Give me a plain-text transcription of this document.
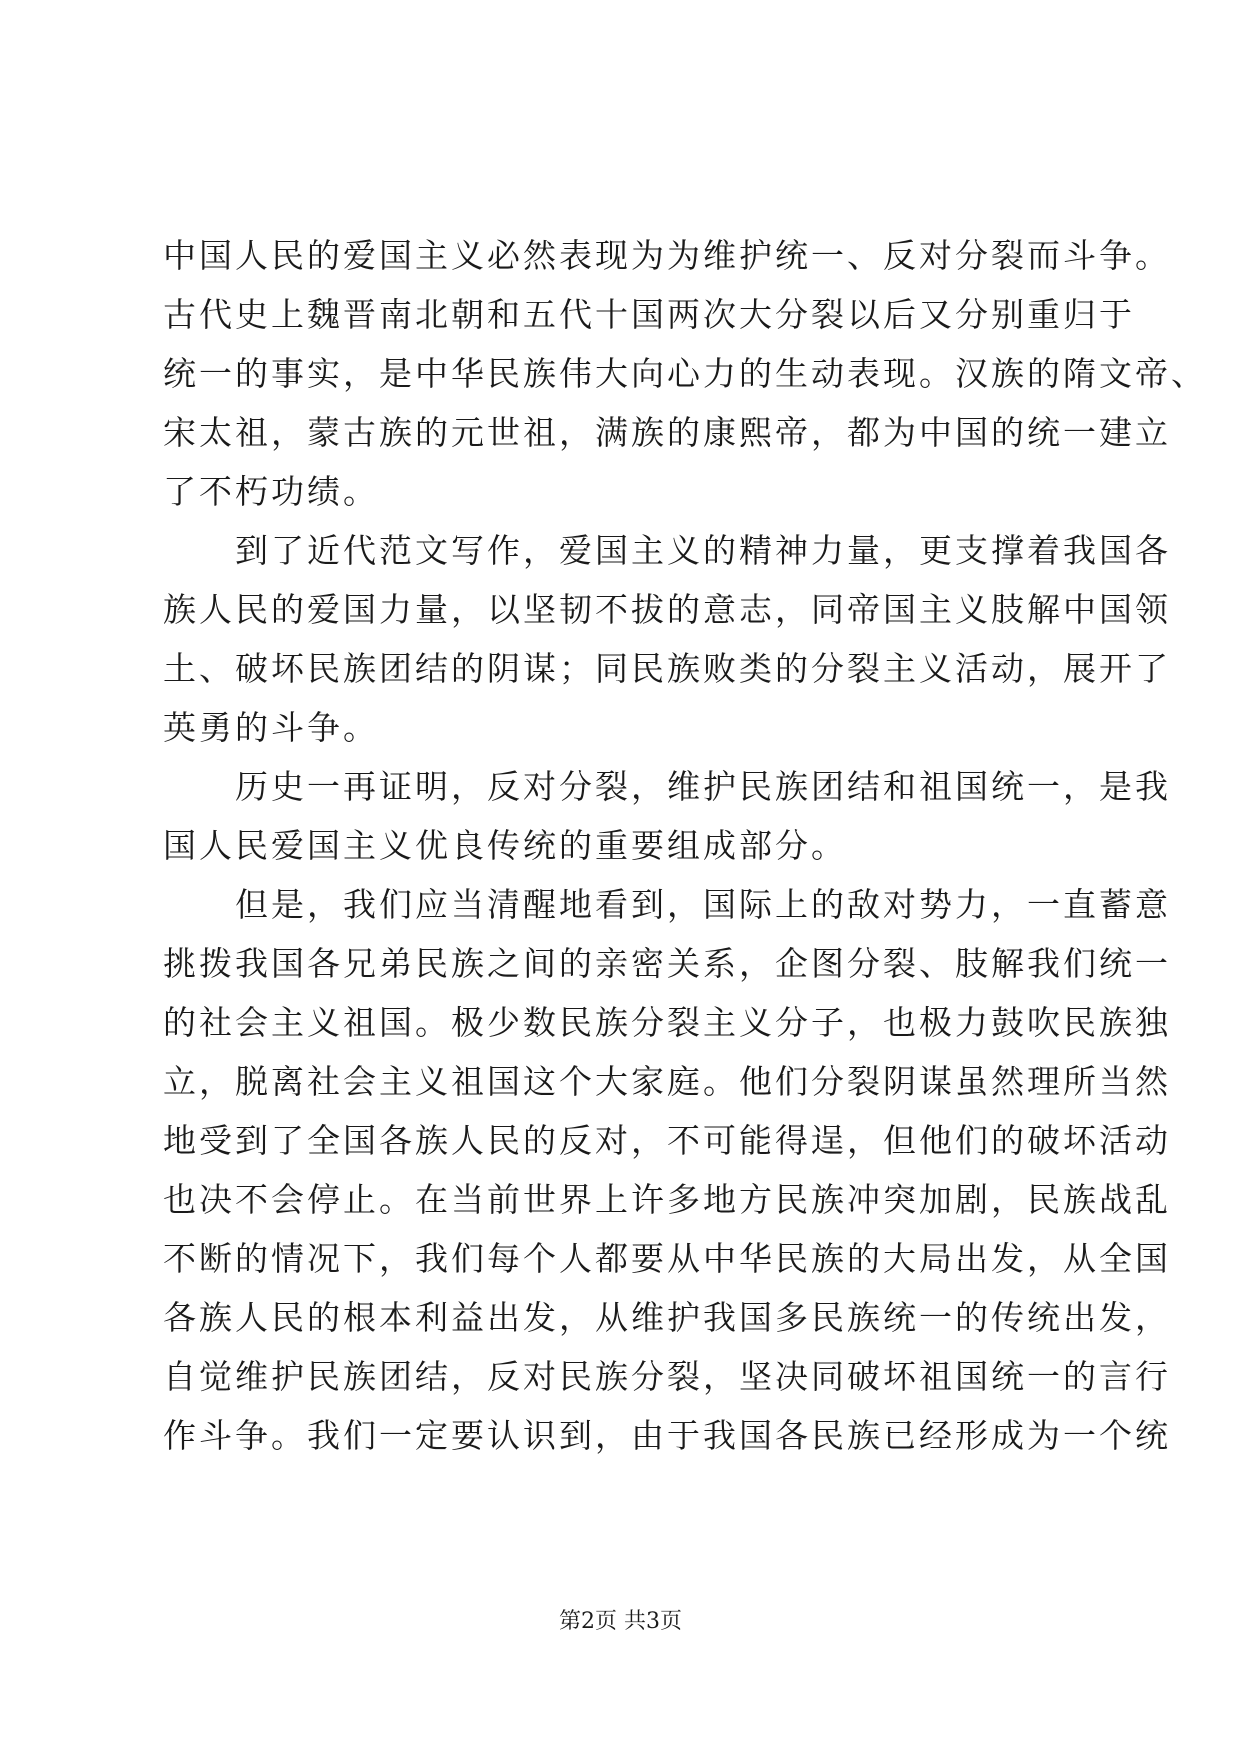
中国人民的爱国主义必然表现为为维护统一、反对分裂而斗争。
古代史上魏晋南北朝和五代十国两次大分裂以后又分别重归于
统一的事实，是中华民族伟大向心力的生动表现。汉族的隋文帝、
宋太祖，蒙古族的元世祖，满族的康熙帝，都为中国的统一建立
了不朽功绩。
　　到了近代范文写作，爱国主义的精神力量，更支撑着我国各
族人民的爱国力量，以坚韧不拔的意志，同帝国主义肢解中国领
土、破坏民族团结的阴谋；同民族败类的分裂主义活动，展开了
英勇的斗争。
　　历史一再证明，反对分裂，维护民族团结和祖国统一，是我
国人民爱国主义优良传统的重要组成部分。
　　但是，我们应当清醒地看到，国际上的敌对势力，一直蓄意
挑拨我国各兄弟民族之间的亲密关系，企图分裂、肢解我们统一
的社会主义祖国。极少数民族分裂主义分子，也极力鼓吹民族独
立，脱离社会主义祖国这个大家庭。他们分裂阴谋虽然理所当然
地受到了全国各族人民的反对，不可能得逞，但他们的破坏活动
也决不会停止。在当前世界上许多地方民族冲突加剧，民族战乱
不断的情况下，我们每个人都要从中华民族的大局出发，从全国
各族人民的根本利益出发，从维护我国多民族统一的传统出发，
自觉维护民族团结，反对民族分裂，坚决同破坏祖国统一的言行
作斗争。我们一定要认识到，由于我国各民族已经形成为一个统
第2页 共3页
